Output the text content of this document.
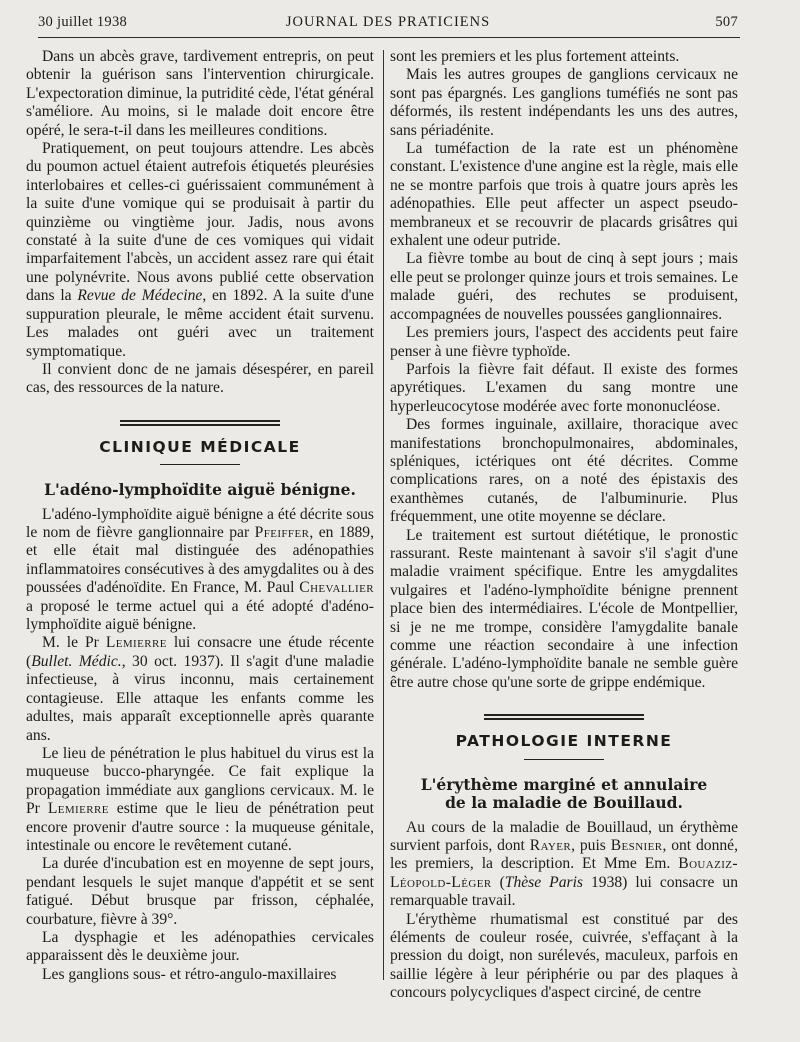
30 juillet 1938	JOURNAL DES PRATICIENS	507

Dans un abcès grave, tardivement entrepris, on peut obtenir la guérison sans l'intervention chirurgicale. L'expectoration diminue, la putridité cède, l'état général s'améliore. Au moins, si le malade doit encore être opéré, le sera-t-il dans les meilleures conditions.

Pratiquement, on peut toujours attendre. Les abcès du poumon actuel étaient autrefois étiquetés pleurésies interlobaires et celles-ci guérissaient communément à la suite d'une vomique qui se produisait à partir du quinzième ou vingtième jour. Jadis, nous avons constaté à la suite d'une de ces vomiques qui vidait imparfaitement l'abcès, un accident assez rare qui était une polynévrite. Nous avons publié cette observation dans la Revue de Médecine, en 1892. A la suite d'une suppuration pleurale, le même accident était survenu. Les malades ont guéri avec un traitement symptomatique.

Il convient donc de ne jamais désespérer, en pareil cas, des ressources de la nature.

CLINIQUE MÉDICALE

L'adéno-lymphoïdite aiguë bénigne.

L'adéno-lymphoïdite aiguë bénigne a été décrite sous le nom de fièvre ganglionnaire par Pfeiffer, en 1889, et elle était mal distinguée des adénopathies inflammatoires consécutives à des amygdalites ou à des poussées d'adénoïdite. En France, M. Paul Chevallier a proposé le terme actuel qui a été adopté d'adéno-lymphoïdite aiguë bénigne.

M. le Pr Lemierre lui consacre une étude récente (Bullet. Médic., 30 oct. 1937). Il s'agit d'une maladie infectieuse, à virus inconnu, mais certainement contagieuse. Elle attaque les enfants comme les adultes, mais apparaît exceptionnelle après quarante ans.

Le lieu de pénétration le plus habituel du virus est la muqueuse bucco-pharyngée. Ce fait explique la propagation immédiate aux ganglions cervicaux. M. le Pr Lemierre estime que le lieu de pénétration peut encore provenir d'autre source : la muqueuse génitale, intestinale ou encore le revêtement cutané.

La durée d'incubation est en moyenne de sept jours, pendant lesquels le sujet manque d'appétit et se sent fatigué. Début brusque par frisson, céphalée, courbature, fièvre à 39°.

La dysphagie et les adénopathies cervicales apparaissent dès le deuxième jour.

Les ganglions sous- et rétro-angulo-maxillaires

sont les premiers et les plus fortement atteints.

Mais les autres groupes de ganglions cervicaux ne sont pas épargnés. Les ganglions tuméfiés ne sont pas déformés, ils restent indépendants les uns des autres, sans périadénite.

La tuméfaction de la rate est un phénomène constant. L'existence d'une angine est la règle, mais elle ne se montre parfois que trois à quatre jours après les adénopathies. Elle peut affecter un aspect pseudo-membraneux et se recouvrir de placards grisâtres qui exhalent une odeur putride.

La fièvre tombe au bout de cinq à sept jours ; mais elle peut se prolonger quinze jours et trois semaines. Le malade guéri, des rechutes se produisent, accompagnées de nouvelles poussées ganglionnaires.

Les premiers jours, l'aspect des accidents peut faire penser à une fièvre typhoïde.

Parfois la fièvre fait défaut. Il existe des formes apyrétiques. L'examen du sang montre une hyperleucocytose modérée avec forte mononucléose.

Des formes inguinale, axillaire, thoracique avec manifestations bronchopulmonaires, abdominales, spléniques, ictériques ont été décrites. Comme complications rares, on a noté des épistaxis des exanthèmes cutanés, de l'albuminurie. Plus fréquemment, une otite moyenne se déclare.

Le traitement est surtout diététique, le pronostic rassurant. Reste maintenant à savoir s'il s'agit d'une maladie vraiment spécifique. Entre les amygdalites vulgaires et l'adéno-lymphoïdite bénigne prennent place bien des intermédiaires. L'école de Montpellier, si je ne me trompe, considère l'amygdalite banale comme une réaction secondaire à une infection générale. L'adéno-lymphoïdite banale ne semble guère être autre chose qu'une sorte de grippe endémique.

PATHOLOGIE INTERNE

L'érythème marginé et annulaire

de la maladie de Bouillaud.

Au cours de la maladie de Bouillaud, un érythème survient parfois, dont Rayer, puis Besnier, ont donné, les premiers, la description. Et Mme Em. Bouaziz-Léopold-Léger (Thèse Paris 1938) lui consacre un remarquable travail.

L'érythème rhumatismal est constitué par des éléments de couleur rosée, cuivrée, s'effaçant à la pression du doigt, non surélevés, maculeux, parfois en saillie légère à leur périphérie ou par des plaques à concours polycycliques d'aspect circiné, de centre
